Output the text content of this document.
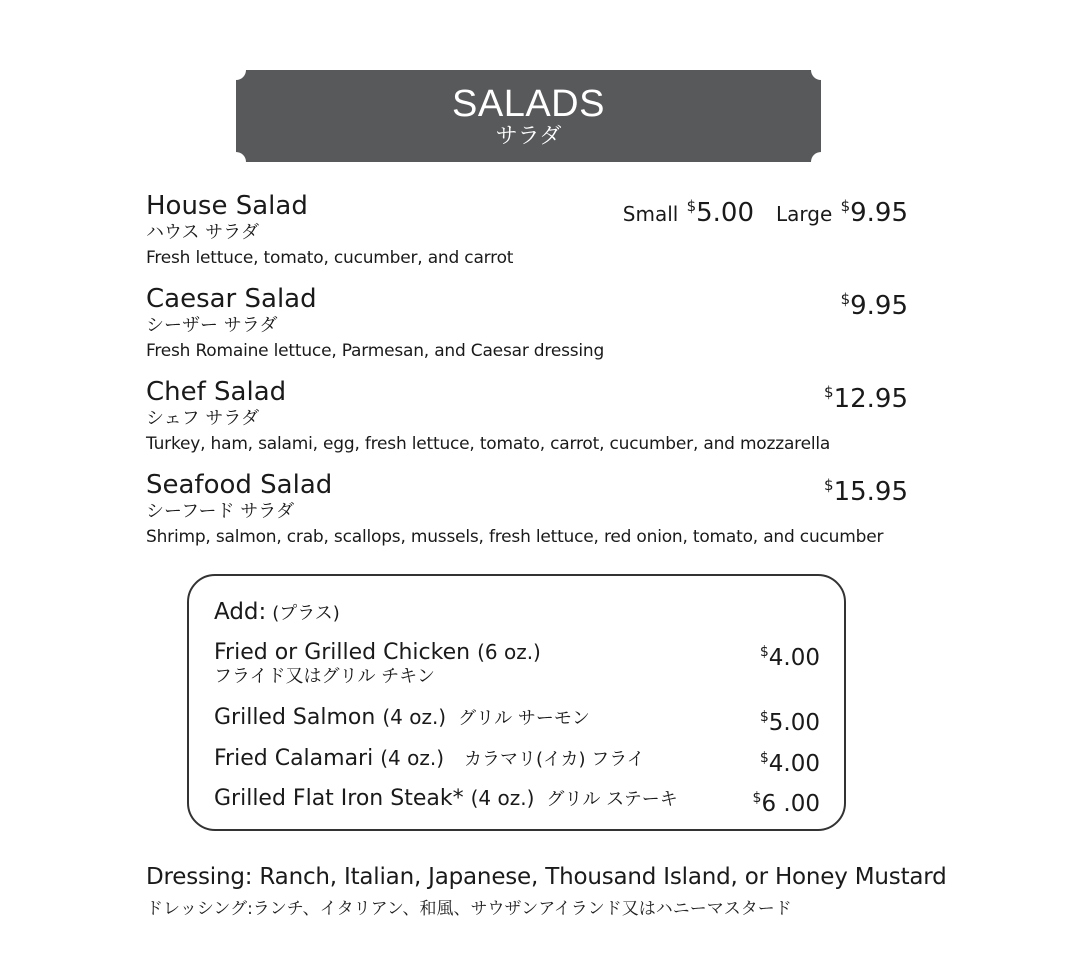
SALADS
サラダ
House Salad
ハウス サラダ
Fresh lettuce, tomato, cucumber, and carrot
Small $5.00 Large $9.95
Caesar Salad
シーザー サラダ
Fresh Romaine lettuce, Parmesan, and Caesar dressing
$9.95
Chef Salad
シェフ サラダ
Turkey, ham, salami, egg, fresh lettuce, tomato, carrot, cucumber, and mozzarella
$12.95
Seafood Salad
シーフード サラダ
Shrimp, salmon, crab, scallops, mussels, fresh lettuce, red onion, tomato, and cucumber
$15.95
Add: (プラス)
Fried or Grilled Chicken (6 oz.)
フライド又はグリル チキン
$4.00
Grilled Salmon (4 oz.) グリル サーモン	$5.00
Fried Calamari (4 oz.) カラマリ(イカ) フライ	$4.00
Grilled Flat Iron Steak* (4 oz.) グリル ステーキ	$6 .00
Dressing: Ranch, Italian, Japanese, Thousand Island, or Honey Mustard
ドレッシング:ランチ、イタリアン、和風、サウザンアイランド又はハニーマスタード
